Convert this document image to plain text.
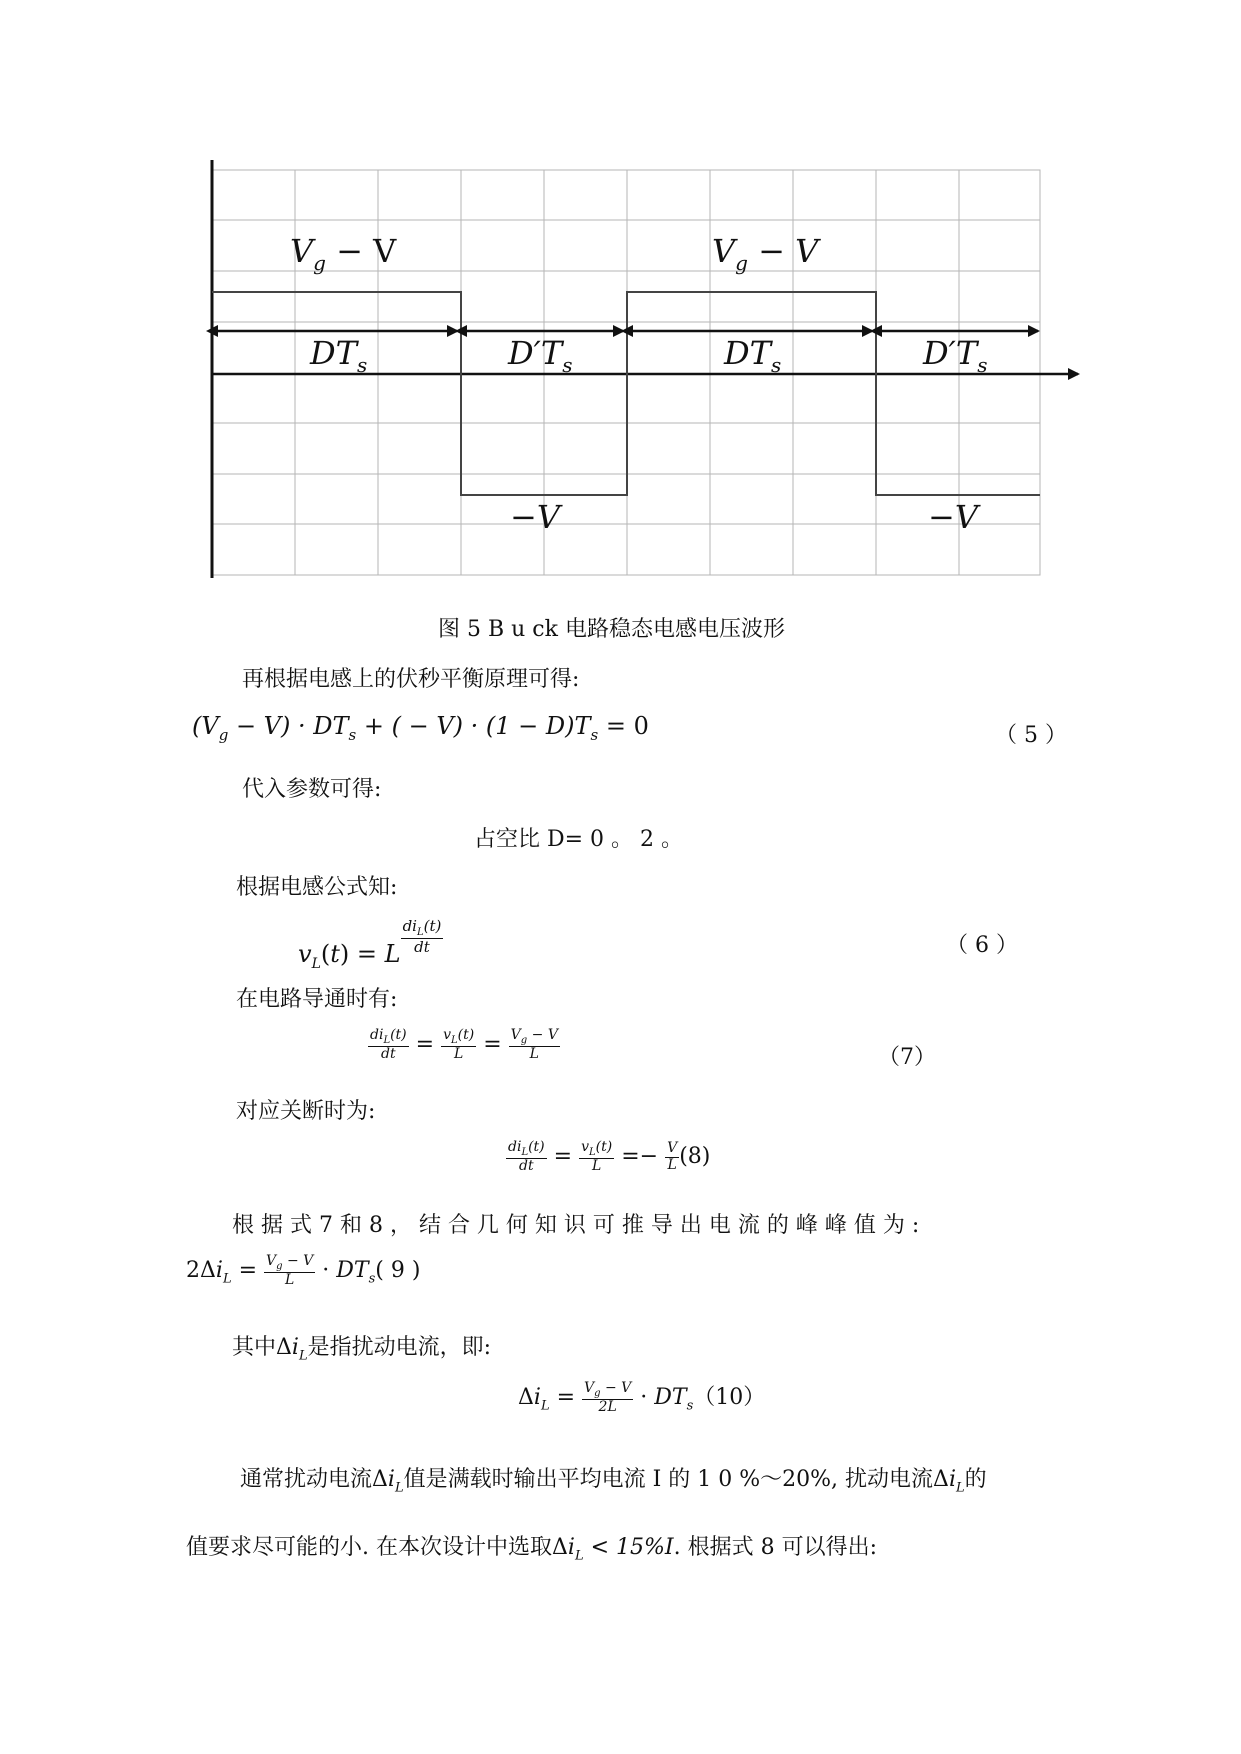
$V_g - V$	$V_g - V$
$DT_s$	$D'T_s$	$DT_s$	$D'T_s$
−V	−V
图 5 B u ck 电路稳态电感电压波形
再根据电感上的伏秒平衡原理可得:
$(V_g - V) \cdot DT_s$ + ( − $V) \cdot (1 - D)T_s = 0$	（ 5 ）
代入参数可得:
占空比 D= 0 。 2 。
根据电感公式知:
$v_L(t) = L \frac{di_L(t)}{dt}$	（ 6 ）
在电路导通时有:
$\frac{di_L(t)}{dt} = \frac{v_L(t)}{L} = \frac{V_g - V}{L}$	（7）
对应关断时为:
$\frac{di_L(t)}{dt} = \frac{v_L(t)}{L} =- \frac{V}{L} (8)$
根 据 式 7 和 8 ， 结 合 几 何 知 识 可 推 导 出 电 流 的 峰 峰 值 为 :
$2\Delta i_L = \frac{V_g - V}{L} \cdot DT_s$( 9 )
其中$\Delta i_L$是指扰动电流，即:
$\Delta i_L = \frac{V_g - V}{2L} \cdot DT_s(10)$
通常扰动电流$\Delta i_L$值是满载时输出平均电流 I 的 1 0 %～20%, 扰动电流$\Delta i_L$的
值要求尽可能的小. 在本次设计中选取$\Delta i_L < 15\%I$. 根据式 8 可以得出:
